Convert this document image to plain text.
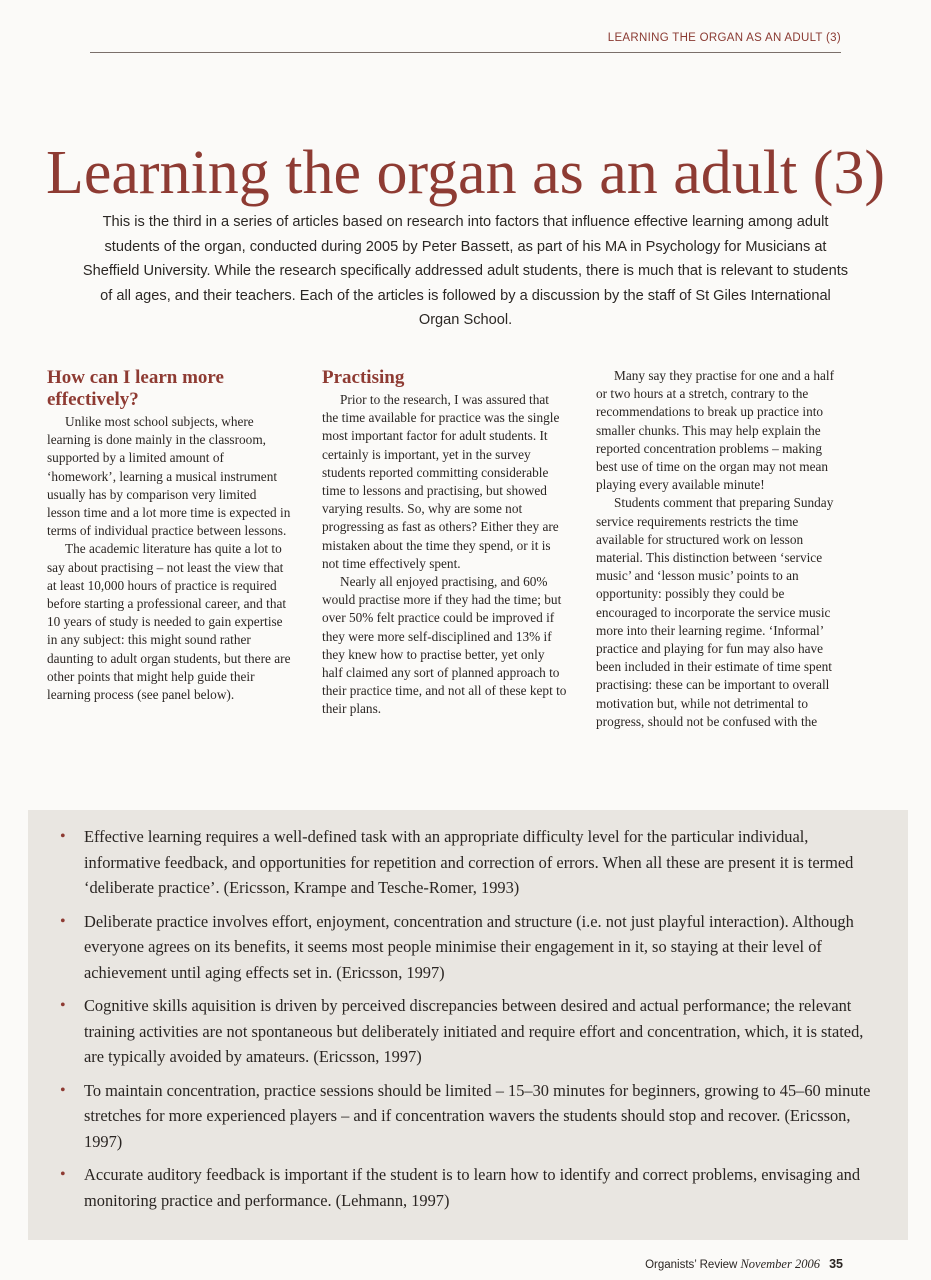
LEARNING THE ORGAN AS AN ADULT (3)
Learning the organ as an adult (3)

This is the third in a series of articles based on research into factors that influence effective learning among adult students of the organ, conducted during 2005 by Peter Bassett, as part of his MA in Psychology for Musicians at Sheffield University. While the research specifically addressed adult students, there is much that is relevant to students of all ages, and their teachers. Each of the articles is followed by a discussion by the staff of St Giles International Organ School.

How can I learn more effectively?

Unlike most school subjects, where learning is done mainly in the classroom, supported by a limited amount of ‘homework’, learning a musical instrument usually has by comparison very limited lesson time and a lot more time is expected in terms of individual practice between lessons.

The academic literature has quite a lot to say about practising – not least the view that at least 10,000 hours of practice is required before starting a professional career, and that 10 years of study is needed to gain expertise in any subject: this might sound rather daunting to adult organ students, but there are other points that might help guide their learning process (see panel below).

Practising

Prior to the research, I was assured that the time available for practice was the single most important factor for adult students. It certainly is important, yet in the survey students reported committing considerable time to lessons and practising, but showed varying results. So, why are some not progressing as fast as others? Either they are mistaken about the time they spend, or it is not time effectively spent.

Nearly all enjoyed practising, and 60% would practise more if they had the time; but over 50% felt practice could be improved if they were more self-disciplined and 13% if they knew how to practise better, yet only half claimed any sort of planned approach to their practice time, and not all of these kept to their plans.

Many say they practise for one and a half or two hours at a stretch, contrary to the recommendations to break up practice into smaller chunks. This may help explain the reported concentration problems – making best use of time on the organ may not mean playing every available minute!

Students comment that preparing Sunday service requirements restricts the time available for structured work on lesson material. This distinction between ‘service music’ and ‘lesson music’ points to an opportunity: possibly they could be encouraged to incorporate the service music more into their learning regime. ‘Informal’ practice and playing for fun may also have been included in their estimate of time spent practising: these can be important to overall motivation but, while not detrimental to progress, should not be confused with the

• Effective learning requires a well-defined task with an appropriate difficulty level for the particular individual, informative feedback, and opportunities for repetition and correction of errors. When all these are present it is termed ‘deliberate practice’. (Ericsson, Krampe and Tesche-Romer, 1993)
• Deliberate practice involves effort, enjoyment, concentration and structure (i.e. not just playful interaction). Although everyone agrees on its benefits, it seems most people minimise their engagement in it, so staying at their level of achievement until aging effects set in. (Ericsson, 1997)
• Cognitive skills aquisition is driven by perceived discrepancies between desired and actual performance; the relevant training activities are not spontaneous but deliberately initiated and require effort and concentration, which, it is stated, are typically avoided by amateurs. (Ericsson, 1997)
• To maintain concentration, practice sessions should be limited – 15–30 minutes for beginners, growing to 45–60 minute stretches for more experienced players – and if concentration wavers the students should stop and recover. (Ericsson, 1997)
• Accurate auditory feedback is important if the student is to learn how to identify and correct problems, envisaging and monitoring practice and performance. (Lehmann, 1997)
Organists’ Review November 2006 35
